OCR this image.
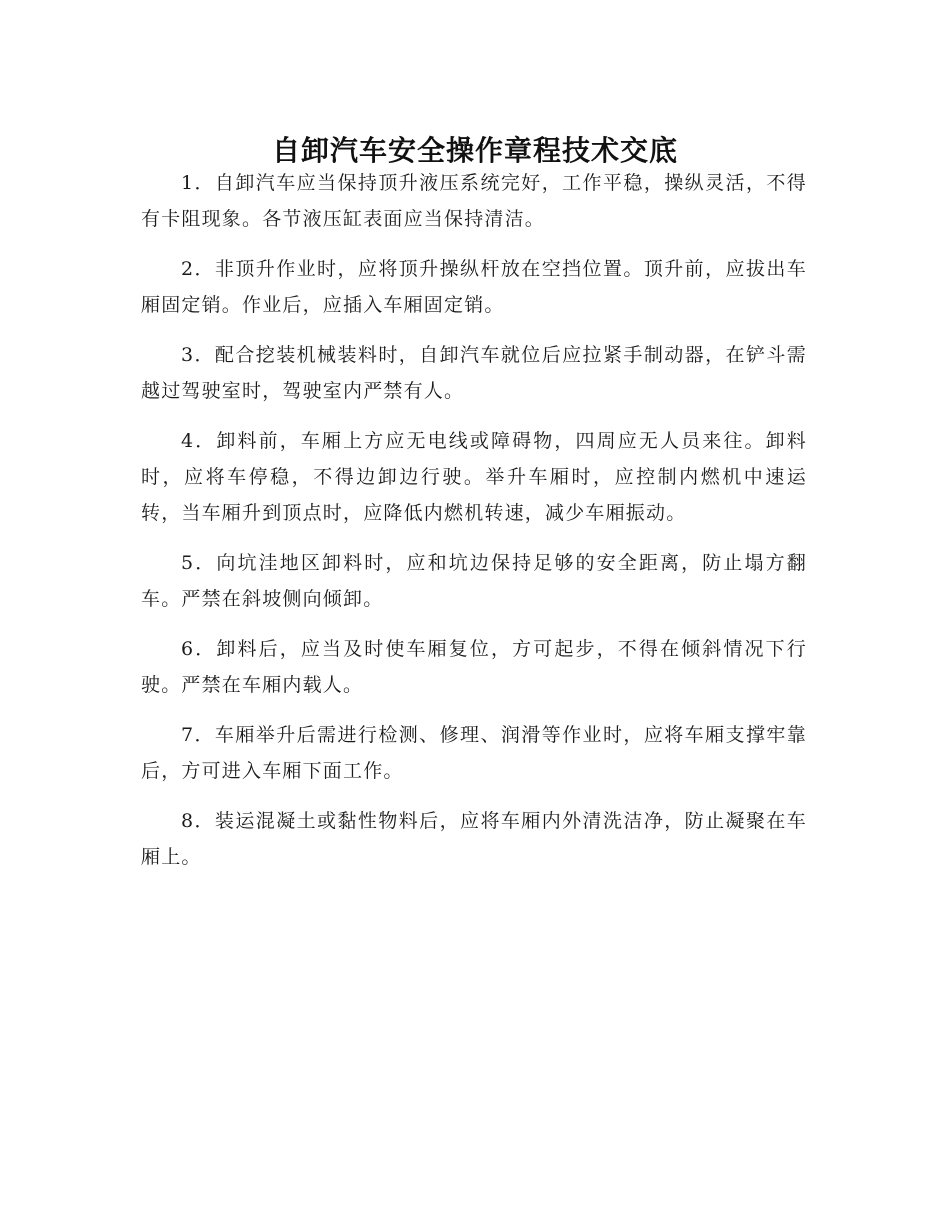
自卸汽车安全操作章程技术交底

1．自卸汽车应当保持顶升液压系统完好，工作平稳，操纵灵活，不得有卡阻现象。各节液压缸表面应当保持清洁。

2．非顶升作业时，应将顶升操纵杆放在空挡位置。顶升前，应拔出车厢固定销。作业后，应插入车厢固定销。

3．配合挖装机械装料时，自卸汽车就位后应拉紧手制动器，在铲斗需越过驾驶室时，驾驶室内严禁有人。

4．卸料前，车厢上方应无电线或障碍物，四周应无人员来往。卸料时，应将车停稳，不得边卸边行驶。举升车厢时，应控制内燃机中速运转，当车厢升到顶点时，应降低内燃机转速，减少车厢振动。

5．向坑洼地区卸料时，应和坑边保持足够的安全距离，防止塌方翻车。严禁在斜坡侧向倾卸。

6．卸料后，应当及时使车厢复位，方可起步，不得在倾斜情况下行驶。严禁在车厢内载人。

7．车厢举升后需进行检测、修理、润滑等作业时，应将车厢支撑牢靠后，方可进入车厢下面工作。

8．装运混凝土或黏性物料后，应将车厢内外清洗洁净，防止凝聚在车厢上。
